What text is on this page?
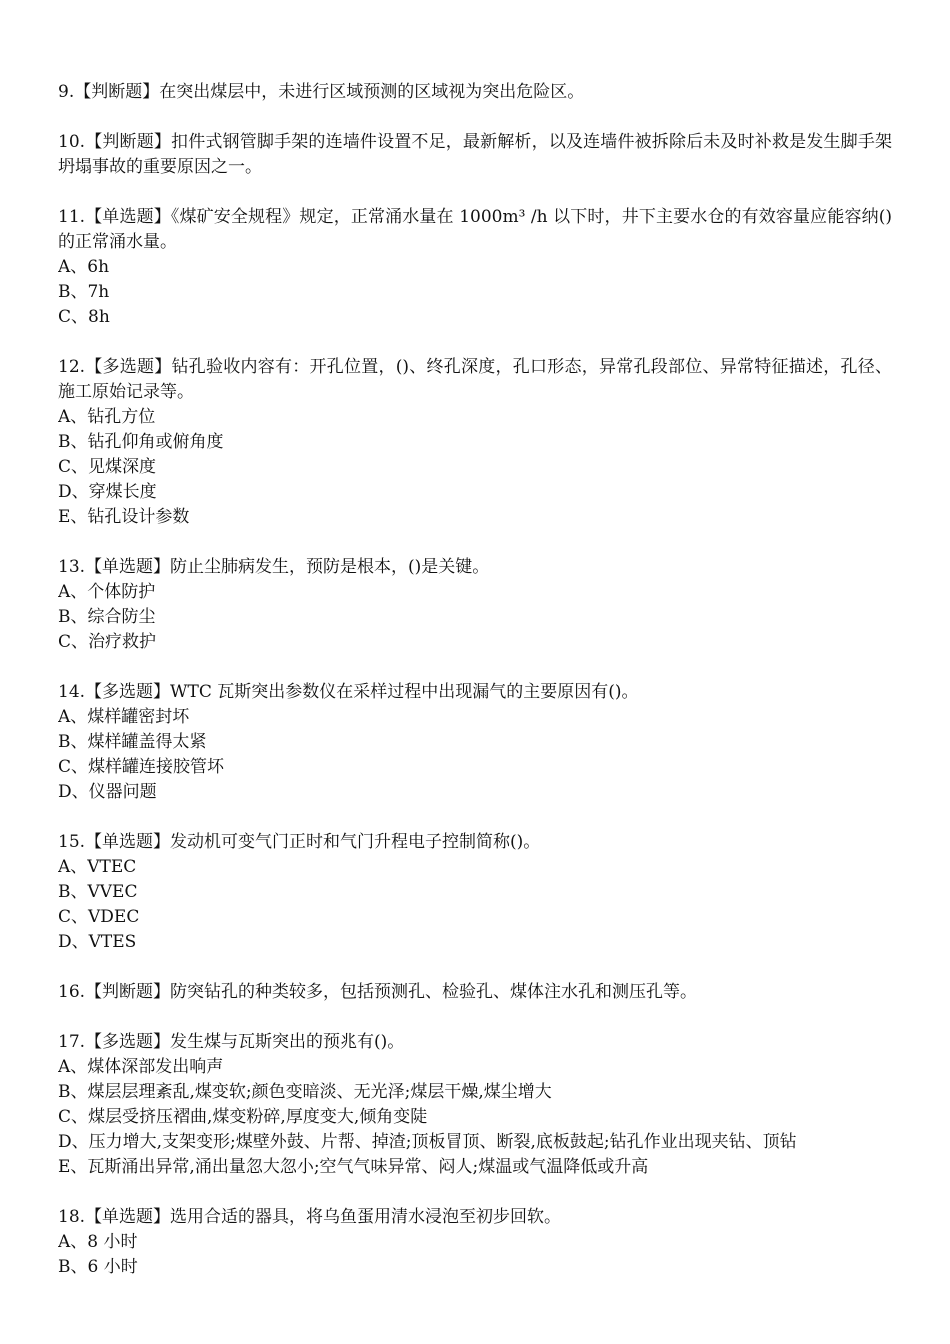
9.【判断题】在突出煤层中，未进行区域预测的区域视为突出危险区。
10.【判断题】扣件式钢管脚手架的连墙件设置不足，最新解析，以及连墙件被拆除后未及时补救是发生脚手架坍塌事故的重要原因之一。
11.【单选题】《煤矿安全规程》规定，正常涌水量在 1000m³ /h 以下时，井下主要水仓的有效容量应能容纳()的正常涌水量。
A、6h
B、7h
C、8h
12.【多选题】钻孔验收内容有：开孔位置，()、终孔深度，孔口形态，异常孔段部位、异常特征描述，孔径、施工原始记录等。
A、钻孔方位
B、钻孔仰角或俯角度
C、见煤深度
D、穿煤长度
E、钻孔设计参数
13.【单选题】防止尘肺病发生，预防是根本，()是关键。
A、个体防护
B、综合防尘
C、治疗救护
14.【多选题】WTC 瓦斯突出参数仪在采样过程中出现漏气的主要原因有()。
A、煤样罐密封坏
B、煤样罐盖得太紧
C、煤样罐连接胶管坏
D、仪器问题
15.【单选题】发动机可变气门正时和气门升程电子控制简称()。
A、VTEC
B、VVEC
C、VDEC
D、VTES
16.【判断题】防突钻孔的种类较多，包括预测孔、检验孔、煤体注水孔和测压孔等。
17.【多选题】发生煤与瓦斯突出的预兆有()。
A、煤体深部发出响声
B、煤层层理紊乱,煤变软;颜色变暗淡、无光泽;煤层干燥,煤尘增大
C、煤层受挤压褶曲,煤变粉碎,厚度变大,倾角变陡
D、压力增大,支架变形;煤壁外鼓、片帮、掉渣;顶板冒顶、断裂,底板鼓起;钻孔作业出现夹钻、顶钻
E、瓦斯涌出异常,涌出量忽大忽小;空气气味异常、闷人;煤温或气温降低或升高
18.【单选题】选用合适的器具，将乌鱼蛋用清水浸泡至初步回软。
A、8 小时
B、6 小时
